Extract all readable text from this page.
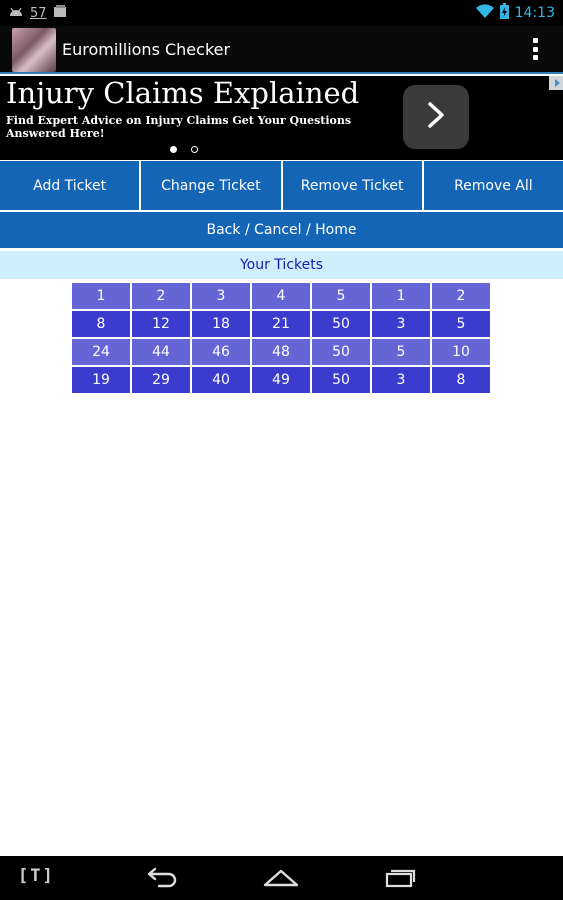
57	14:13
Euromillions Checker
Injury Claims Explained
Find Expert Advice on Injury Claims Get Your Questions Answered Here!
Add Ticket	Change Ticket	Remove Ticket	Remove All
Back / Cancel / Home
Your Tickets
1	2	3	4	5	1	2
8	12	18	21	50	3	5
24	44	46	48	50	5	10
19	29	40	49	50	3	8
[T]
